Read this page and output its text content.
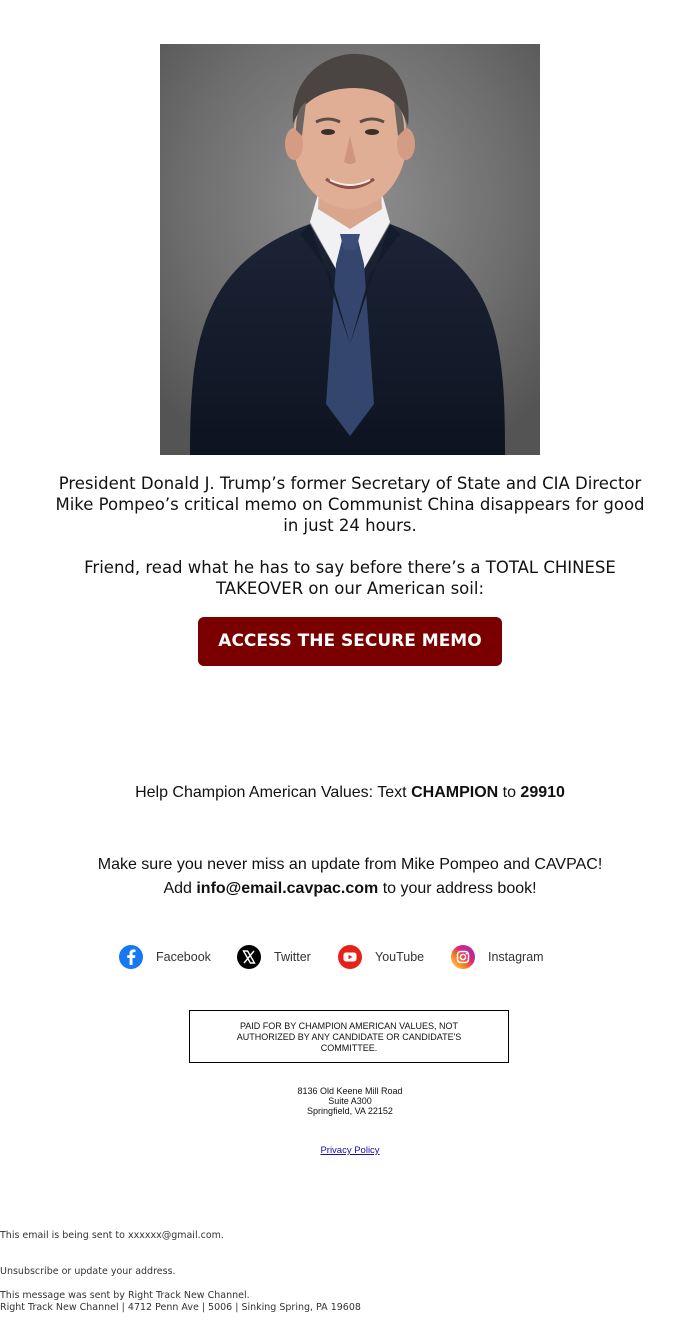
President Donald J. Trump’s former Secretary of State and CIA Director Mike Pompeo’s critical memo on Communist China disappears for good in just 24 hours.
Friend, read what he has to say before there’s a TOTAL CHINESE TAKEOVER on our American soil:
ACCESS THE SECURE MEMO HERE
Help Champion American Values: Text CHAMPION to 29910
Make sure you never miss an update from Mike Pompeo and CAVPAC!
Add info@email.cavpac.com to your address book!
Facebook	Twitter	YouTube	Instagram
PAID FOR BY CHAMPION AMERICAN VALUES, NOT AUTHORIZED BY ANY CANDIDATE OR CANDIDATE'S COMMITTEE.
8136 Old Keene Mill Road
Suite A300
Springfield, VA 22152
Privacy Policy
This email is being sent to xxxxxx@gmail.com.
Unsubscribe or update your address.
This message was sent by Right Track New Channel.
Right Track New Channel | 4712 Penn Ave | 5006 | Sinking Spring, PA 19608
